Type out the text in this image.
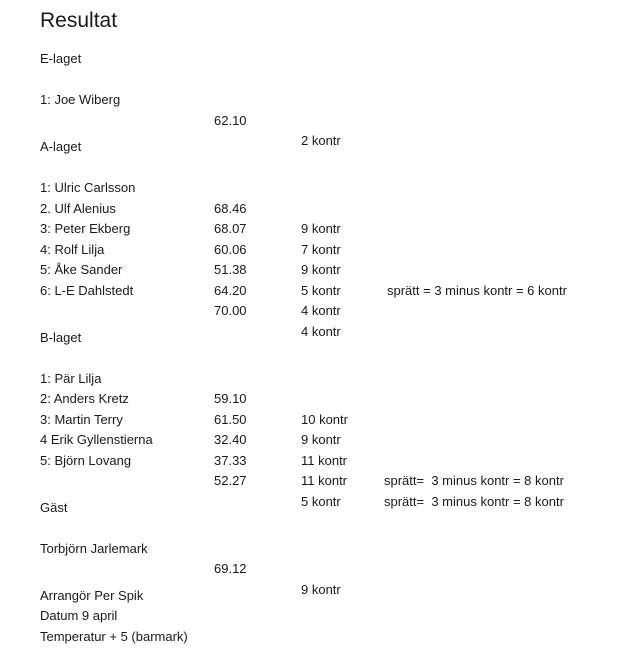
Resultat
E-laget

1: Joe Wiberg

62.10

2 kontr

A-laget

1: Ulric Carlsson

68.46

9 kontr

2. Ulf Alenius

68.07

7 kontr

3: Peter Ekberg

60.06

9 kontr

sprätt = 3 minus kontr = 6 kontr

4: Rolf Lilja

51.38

5 kontr

5: Åke Sander

64.20

4 kontr

6: L-E Dahlstedt

70.00

4 kontr

B-laget

1: Pär Lilja

59.10

10 kontr

2: Anders Kretz

61.50

9 kontr

3: Martin Terry

32.40

11 kontr

sprätt=  3 minus kontr = 8 kontr

4 Erik Gyllenstierna

37.33

11 kontr

sprätt=  3 minus kontr = 8 kontr

5: Björn Lovang

52.27

5 kontr

Gäst

Torbjörn Jarlemark

69.12

9 kontr

Arrangör Per Spik
Datum 9 april
Temperatur + 5 (barmark)
